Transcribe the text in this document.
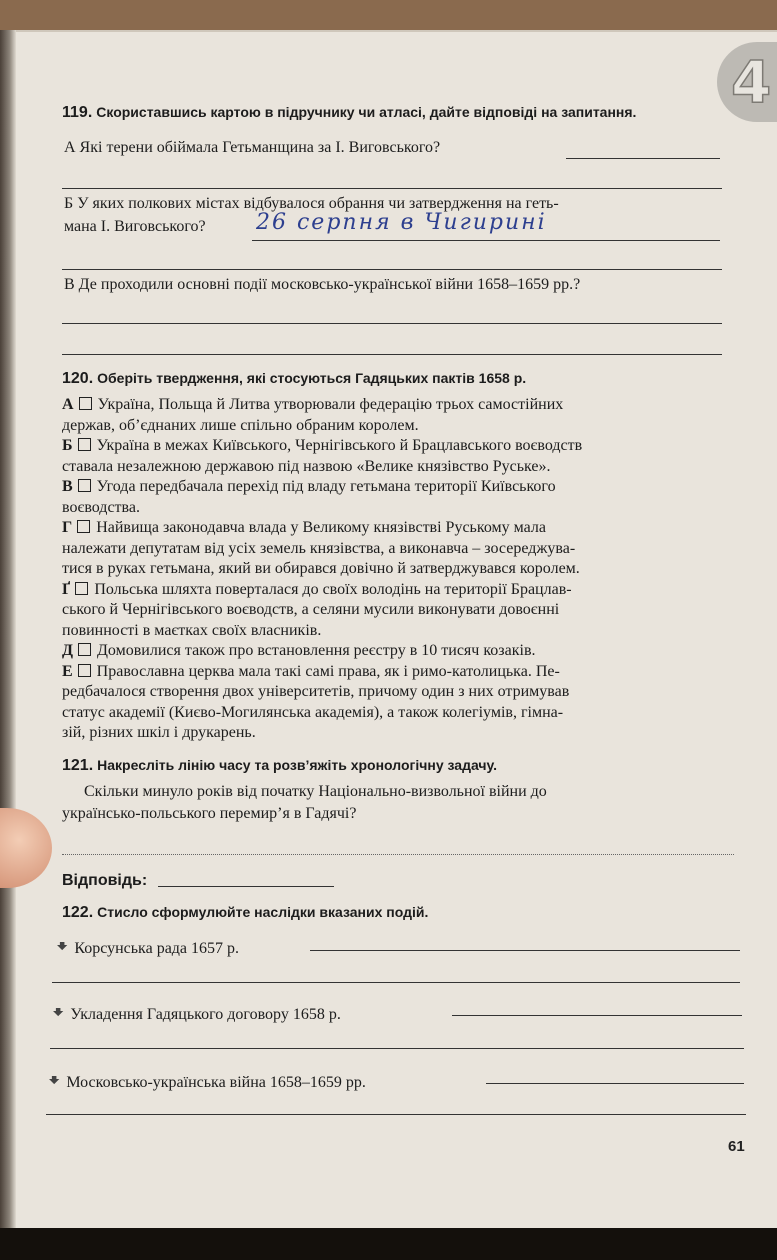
4
119. Скориставшись картою в підручнику чи атласі, дайте відповіді на запитання.
А Які терени обіймала Гетьманщина за І. Виговського?
Б У яких полкових містах відбувалося обрання чи затвердження на геть-
мана І. Виговського? 26 серпня в Чигирині
В Де проходили основні події московсько-української війни 1658–1659 рр.?
120. Оберіть твердження, які стосуються Гадяцьких пактів 1658 р.
А Україна, Польща й Литва утворювали федерацію трьох самостійних
держав, об’єднаних лише спільно обраним королем.
Б Україна в межах Київського, Чернігівського й Брацлавського воєводств
ставала незалежною державою під назвою «Велике князівство Руське».
В Угода передбачала перехід під владу гетьмана території Київського
воєводства.
Г Найвища законодавча влада у Великому князівстві Руському мала
належати депутатам від усіх земель князівства, а виконавча – зосереджува-
тися в руках гетьмана, який ви обирався довічно й затверджувався королем.
Ґ Польська шляхта поверталася до своїх володінь на території Брацлав-
ського й Чернігівського воєводств, а селяни мусили виконувати довоєнні
повинності в маєтках своїх власників.
Д Домовилися також про встановлення реєстру в 10 тисяч козаків.
Е Православна церква мала такі самі права, як і римо-католицька. Пе-
редбачалося створення двох університетів, причому один з них отримував
статус академії (Києво-Могилянська академія), а також колегіумів, гімна-
зій, різних шкіл і друкарень.
121. Накресліть лінію часу та розв’яжіть хронологічну задачу.
Скільки минуло років від початку Національно-визвольної війни до
українсько-польського перемир’я в Гадячі?
Відповідь:
122. Стисло сформулюйте наслідки вказаних подій.
🠻 Корсунська рада 1657 р.
🠻 Укладення Гадяцького договору 1658 р.
🠻 Московсько-українська війна 1658–1659 рр.
61
